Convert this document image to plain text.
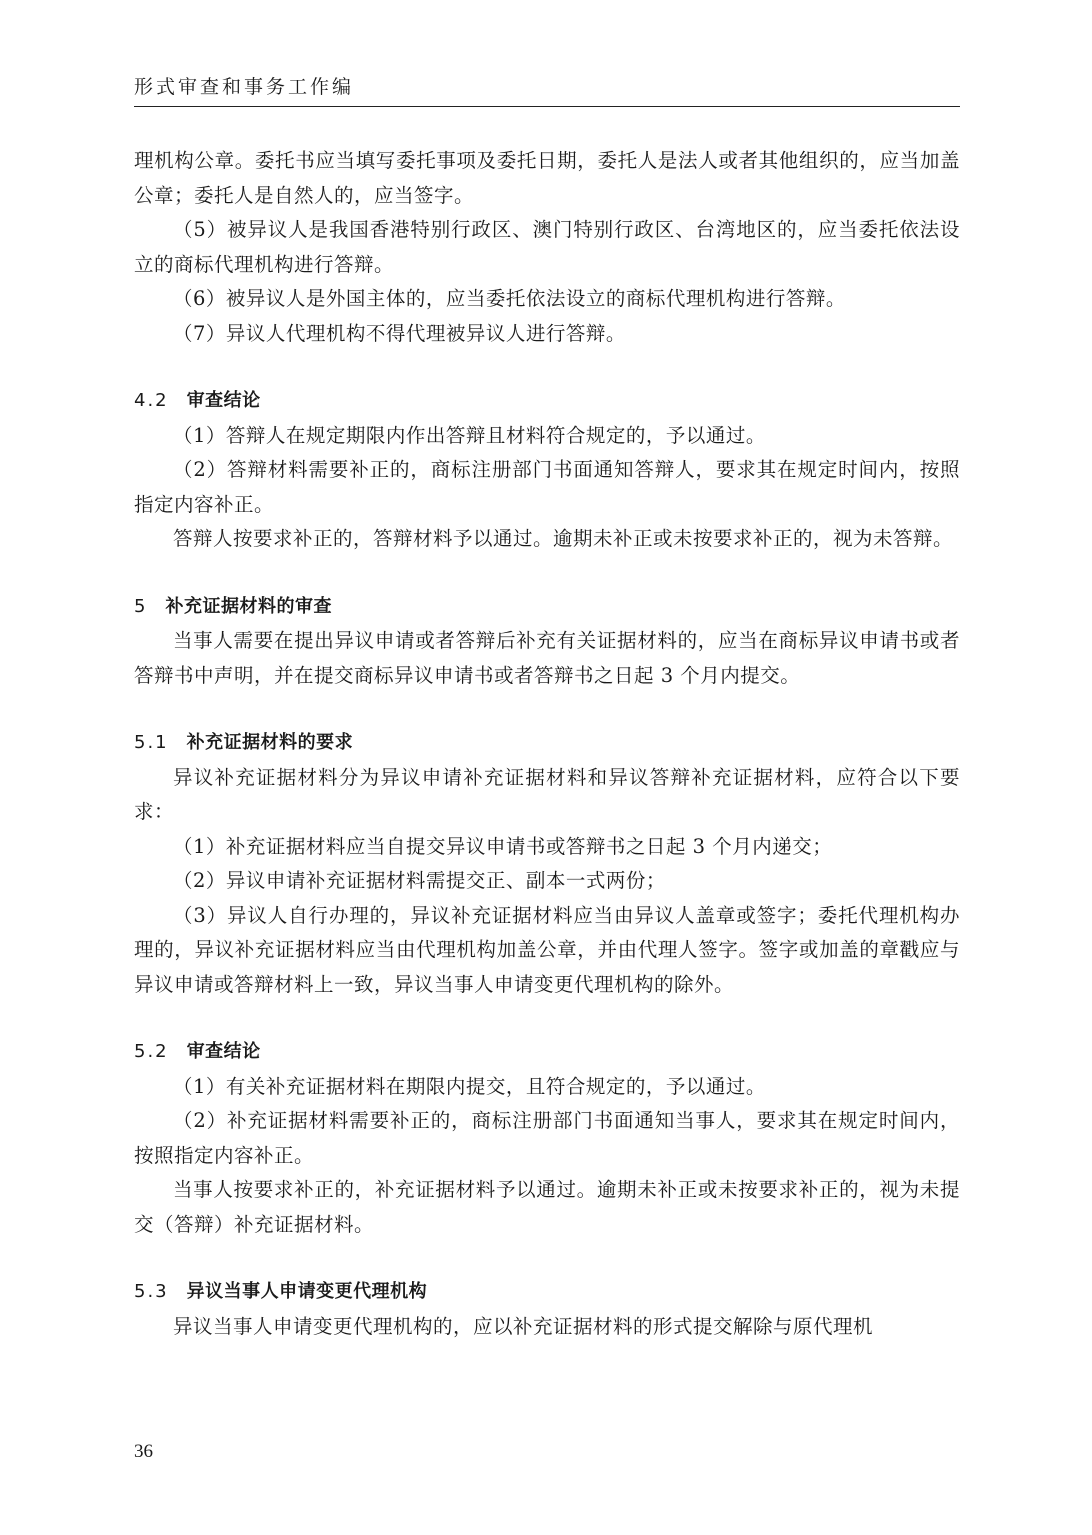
形式审查和事务工作编

理机构公章。委托书应当填写委托事项及委托日期，委托人是法人或者其他组织的，应当加盖公章；委托人是自然人的，应当签字。

（5）被异议人是我国香港特别行政区、澳门特别行政区、台湾地区的，应当委托依法设立的商标代理机构进行答辩。

（6）被异议人是外国主体的，应当委托依法设立的商标代理机构进行答辩。

（7）异议人代理机构不得代理被异议人进行答辩。

4.2 审查结论

（1）答辩人在规定期限内作出答辩且材料符合规定的，予以通过。

（2）答辩材料需要补正的，商标注册部门书面通知答辩人，要求其在规定时间内，按照指定内容补正。

答辩人按要求补正的，答辩材料予以通过。逾期未补正或未按要求补正的，视为未答辩。

5 补充证据材料的审查

当事人需要在提出异议申请或者答辩后补充有关证据材料的，应当在商标异议申请书或者答辩书中声明，并在提交商标异议申请书或者答辩书之日起 3 个月内提交。

5.1 补充证据材料的要求

异议补充证据材料分为异议申请补充证据材料和异议答辩补充证据材料，应符合以下要求：

（1）补充证据材料应当自提交异议申请书或答辩书之日起 3 个月内递交；

（2）异议申请补充证据材料需提交正、副本一式两份；

（3）异议人自行办理的，异议补充证据材料应当由异议人盖章或签字；委托代理机构办理的，异议补充证据材料应当由代理机构加盖公章，并由代理人签字。签字或加盖的章戳应与异议申请或答辩材料上一致，异议当事人申请变更代理机构的除外。

5.2 审查结论

（1）有关补充证据材料在期限内提交，且符合规定的，予以通过。

（2）补充证据材料需要补正的，商标注册部门书面通知当事人，要求其在规定时间内，按照指定内容补正。

当事人按要求补正的，补充证据材料予以通过。逾期未补正或未按要求补正的，视为未提交（答辩）补充证据材料。

5.3 异议当事人申请变更代理机构

异议当事人申请变更代理机构的，应以补充证据材料的形式提交解除与原代理机

36
